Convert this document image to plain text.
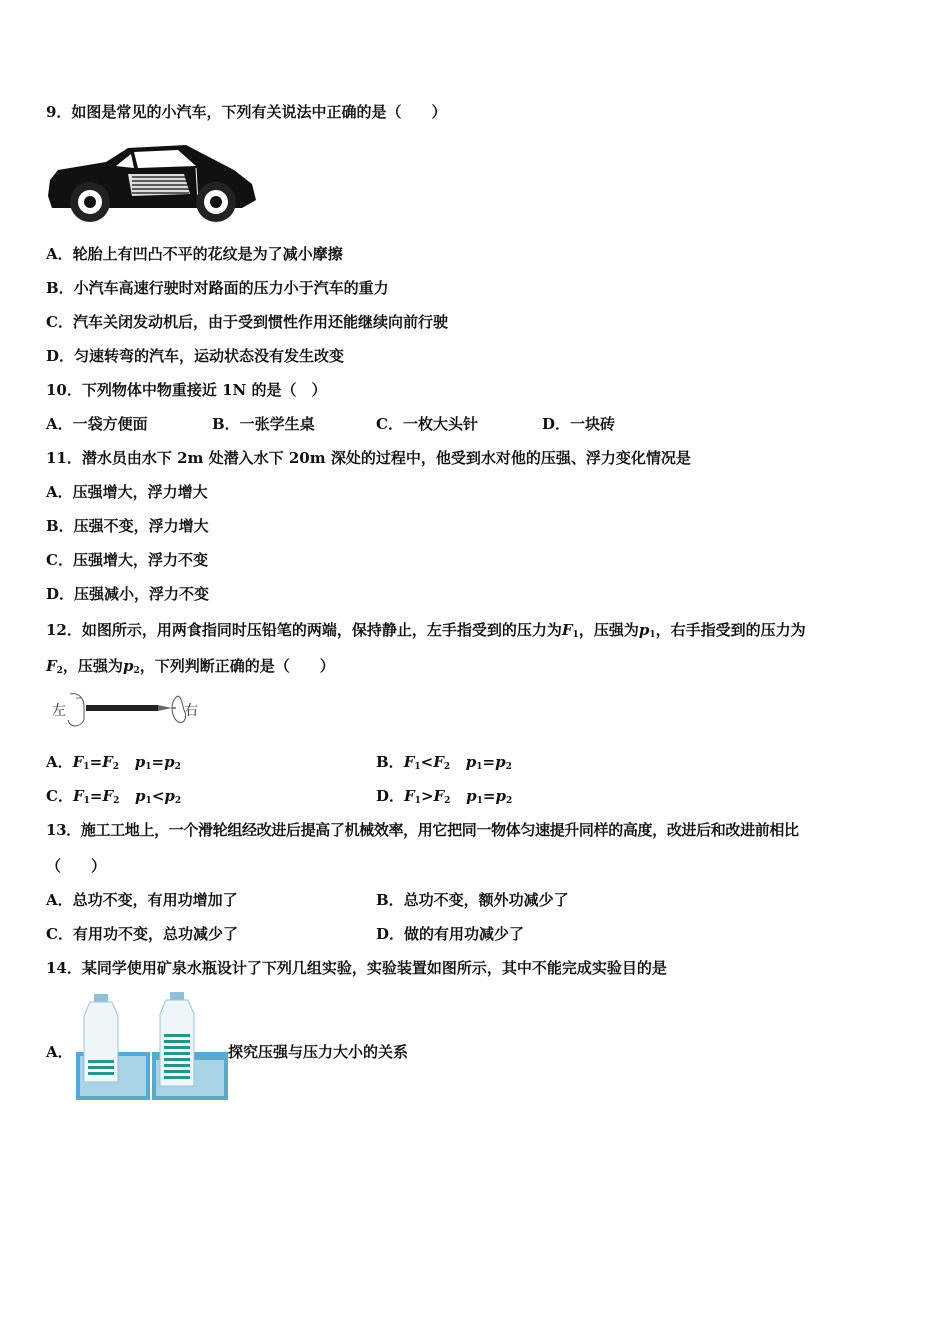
9．如图是常见的小汽车，下列有关说法中正确的是（　　）
A．轮胎上有凹凸不平的花纹是为了减小摩擦
B．小汽车高速行驶时对路面的压力小于汽车的重力
C．汽车关闭发动机后，由于受到惯性作用还能继续向前行驶
D．匀速转弯的汽车，运动状态没有发生改变
10．下列物体中物重接近 1N 的是（　）
A．一袋方便面	B．一张学生桌	C．一枚大头针	D．一块砖
11．潜水员由水下 2m 处潜入水下 20m 深处的过程中，他受到水对他的压强、浮力变化情况是
A．压强增大，浮力增大
B．压强不变，浮力增大
C．压强增大，浮力不变
D．压强减小，浮力不变
12．如图所示，用两食指同时压铅笔的两端，保持静止，左手指受到的压力为$F_1$，压强为$p_1$，右手指受到的压力为
$F_2$，压强为$p_2$，下列判断正确的是（　　）
左	右
A．$F_1=F_2$ $p_1=p_2$	B．$F_1<F_2$ $p_1=p_2$
C．$F_1=F_2$ $p_1<p_2$	D．$F_1>F_2$ $p_1=p_2$
13．施工工地上，一个滑轮组经改进后提高了机械效率，用它把同一物体匀速提升同样的高度，改进后和改进前相比
（　　）
A．总功不变，有用功增加了	B．总功不变，额外功减少了
C．有用功不变，总功减少了	D．做的有用功减少了
14．某同学使用矿泉水瓶设计了下列几组实验，实验装置如图所示，其中不能完成实验目的是
A．	探究压强与压力大小的关系
